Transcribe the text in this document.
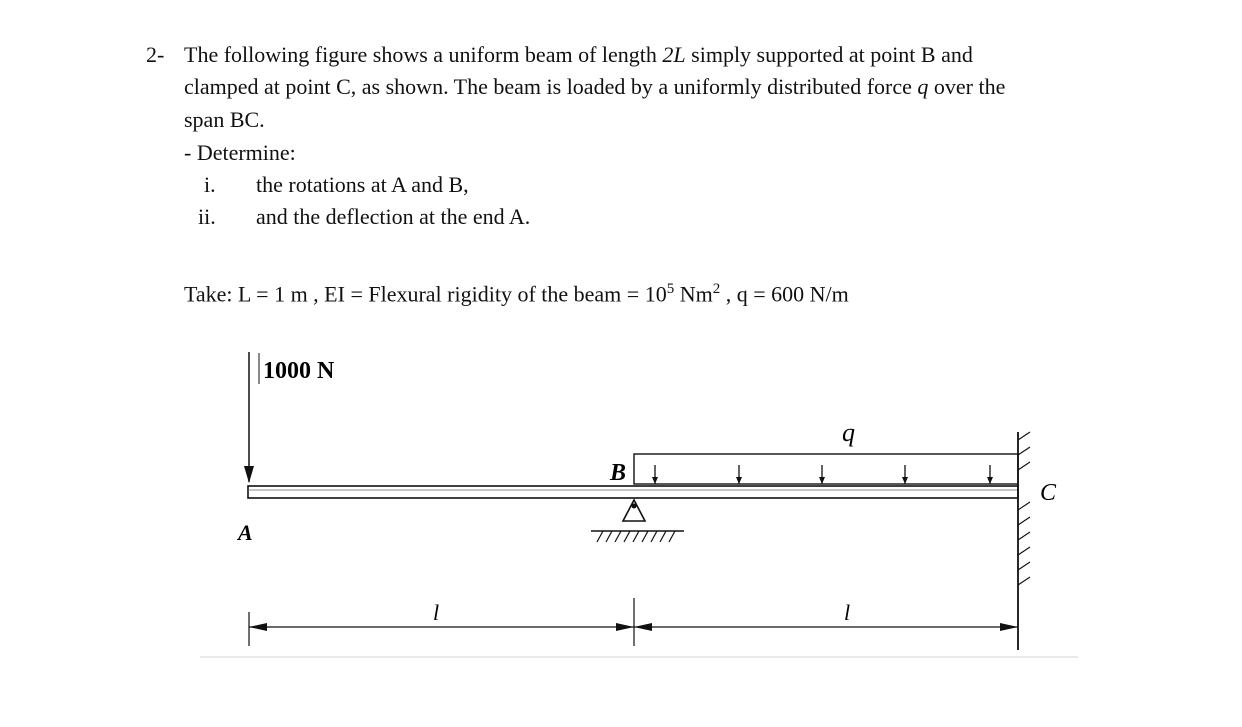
2- The following figure shows a uniform beam of length 2L simply supported at point B and
clamped at point C, as shown. The beam is loaded by a uniformly distributed force q over the
span BC.
- Determine:
i. the rotations at A and B,
ii. and the deflection at the end A.
Take: L = 1 m , EI = Flexural rigidity of the beam = $10^5$ Nm$^2$ , q = 600 N/m
1000 N
q
B
C
A
l	l
